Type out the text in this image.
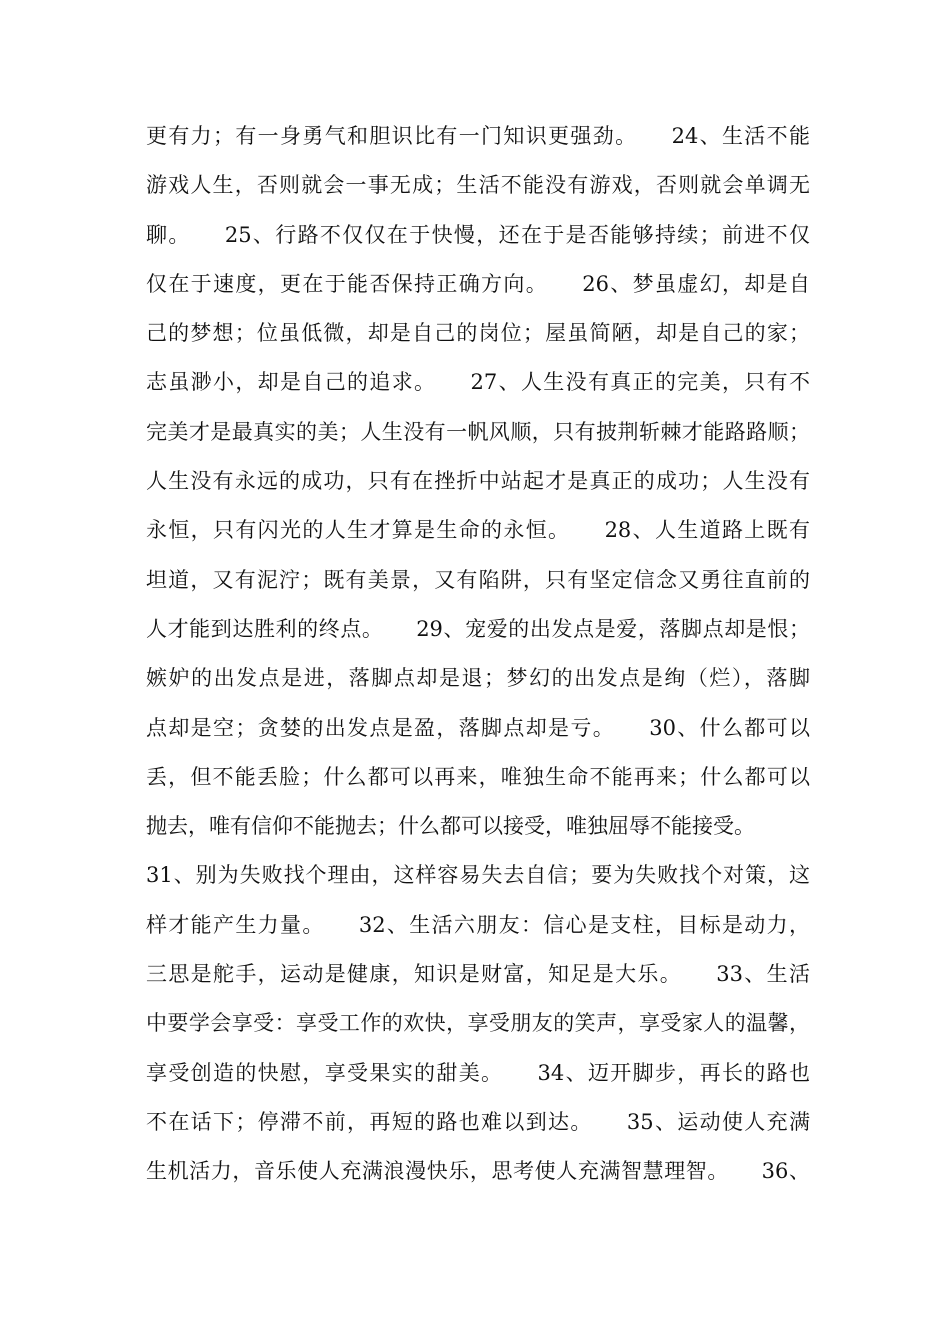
更有力；有一身勇气和胆识比有一门知识更强劲。　　24、生活不能
游戏人生，否则就会一事无成；生活不能没有游戏，否则就会单调无
聊。　　25、行路不仅仅在于快慢，还在于是否能够持续；前进不仅
仅在于速度，更在于能否保持正确方向。　　26、梦虽虚幻，却是自
己的梦想；位虽低微，却是自己的岗位；屋虽简陋，却是自己的家；
志虽渺小，却是自己的追求。　　27、人生没有真正的完美，只有不
完美才是最真实的美；人生没有一帆风顺，只有披荆斩棘才能路路顺；
人生没有永远的成功，只有在挫折中站起才是真正的成功；人生没有
永恒，只有闪光的人生才算是生命的永恒。　　28、人生道路上既有
坦道，又有泥泞；既有美景，又有陷阱，只有坚定信念又勇往直前的
人才能到达胜利的终点。　　29、宠爱的出发点是爱，落脚点却是恨；
嫉妒的出发点是进，落脚点却是退；梦幻的出发点是绚（烂），落脚
点却是空；贪婪的出发点是盈，落脚点却是亏。　　30、什么都可以
丢，但不能丢脸；什么都可以再来，唯独生命不能再来；什么都可以
抛去，唯有信仰不能抛去；什么都可以接受，唯独屈辱不能接受。
31、别为失败找个理由，这样容易失去自信；要为失败找个对策，这
样才能产生力量。　　32、生活六朋友：信心是支柱，目标是动力，
三思是舵手，运动是健康，知识是财富，知足是大乐。　　33、生活
中要学会享受：享受工作的欢快，享受朋友的笑声，享受家人的温馨，
享受创造的快慰，享受果实的甜美。　　34、迈开脚步，再长的路也
不在话下；停滞不前，再短的路也难以到达。　　35、运动使人充满
生机活力，音乐使人充满浪漫快乐，思考使人充满智慧理智。　　36、
